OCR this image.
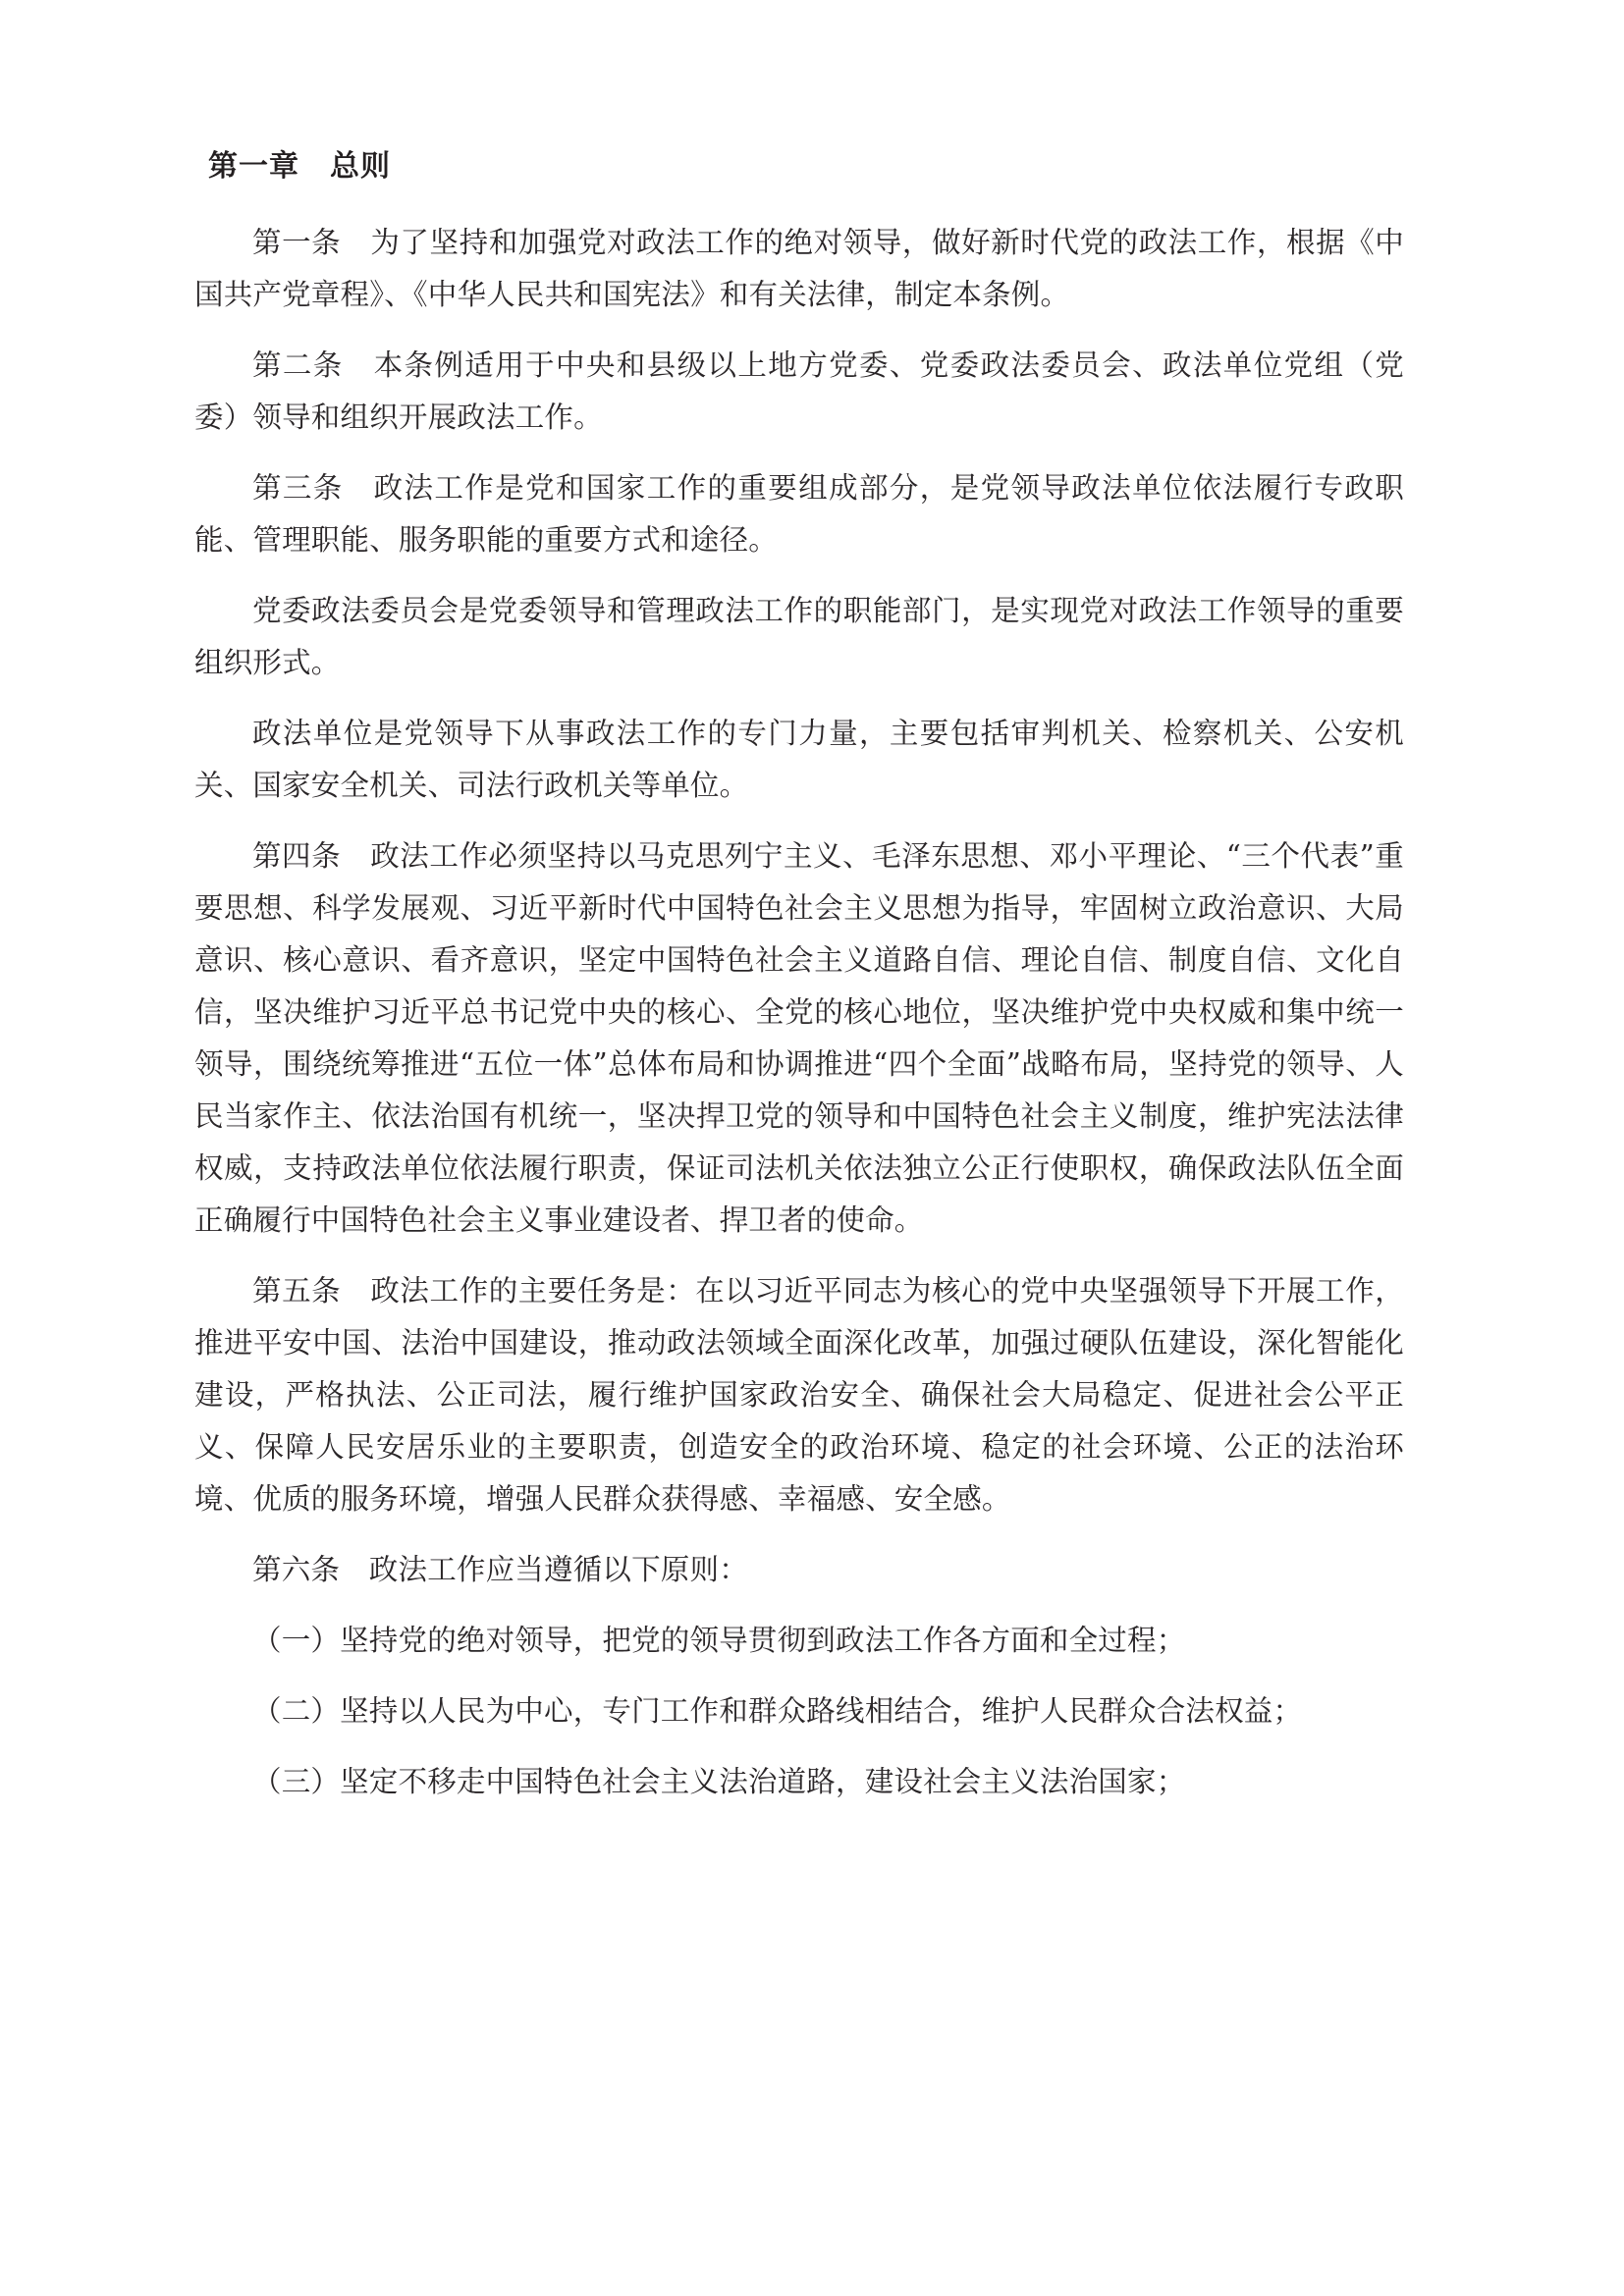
第一章　总则

第一条　为了坚持和加强党对政法工作的绝对领导，做好新时代党的政法工作，根据《中国共产党章程》、《中华人民共和国宪法》和有关法律，制定本条例。

第二条　本条例适用于中央和县级以上地方党委、党委政法委员会、政法单位党组（党委）领导和组织开展政法工作。

第三条　政法工作是党和国家工作的重要组成部分，是党领导政法单位依法履行专政职能、管理职能、服务职能的重要方式和途径。

党委政法委员会是党委领导和管理政法工作的职能部门，是实现党对政法工作领导的重要组织形式。

政法单位是党领导下从事政法工作的专门力量，主要包括审判机关、检察机关、公安机关、国家安全机关、司法行政机关等单位。

第四条　政法工作必须坚持以马克思列宁主义、毛泽东思想、邓小平理论、“三个代表”重要思想、科学发展观、习近平新时代中国特色社会主义思想为指导，牢固树立政治意识、大局意识、核心意识、看齐意识，坚定中国特色社会主义道路自信、理论自信、制度自信、文化自信，坚决维护习近平总书记党中央的核心、全党的核心地位，坚决维护党中央权威和集中统一领导，围绕统筹推进“五位一体”总体布局和协调推进“四个全面”战略布局，坚持党的领导、人民当家作主、依法治国有机统一，坚决捍卫党的领导和中国特色社会主义制度，维护宪法法律权威，支持政法单位依法履行职责，保证司法机关依法独立公正行使职权，确保政法队伍全面正确履行中国特色社会主义事业建设者、捍卫者的使命。

第五条　政法工作的主要任务是：在以习近平同志为核心的党中央坚强领导下开展工作，推进平安中国、法治中国建设，推动政法领域全面深化改革，加强过硬队伍建设，深化智能化建设，严格执法、公正司法，履行维护国家政治安全、确保社会大局稳定、促进社会公平正义、保障人民安居乐业的主要职责，创造安全的政治环境、稳定的社会环境、公正的法治环境、优质的服务环境，增强人民群众获得感、幸福感、安全感。

第六条　政法工作应当遵循以下原则：

（一）坚持党的绝对领导，把党的领导贯彻到政法工作各方面和全过程；

（二）坚持以人民为中心，专门工作和群众路线相结合，维护人民群众合法权益；

（三）坚定不移走中国特色社会主义法治道路，建设社会主义法治国家；
